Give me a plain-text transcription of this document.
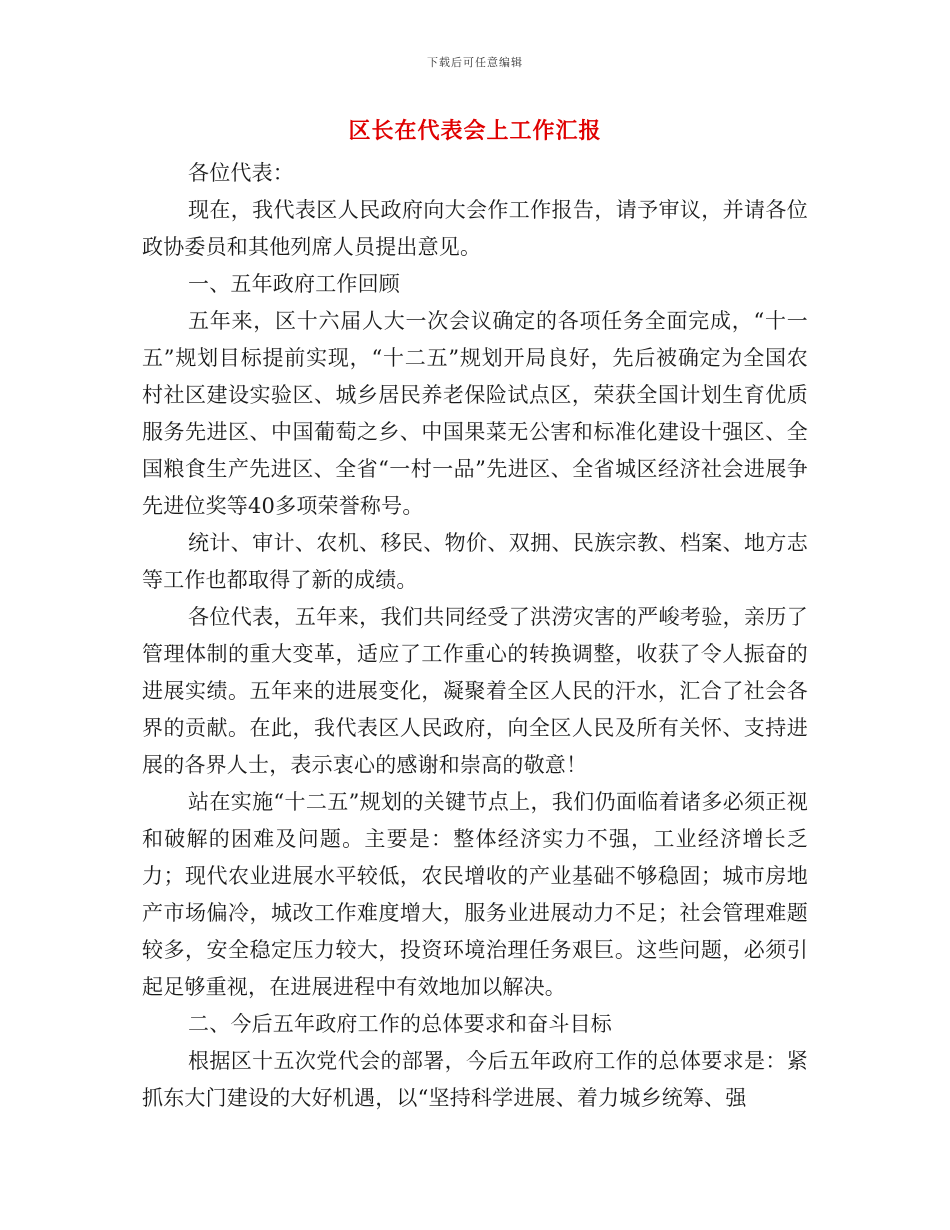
下载后可任意编辑
区长在代表会上工作汇报

各位代表：

现在，我代表区人民政府向大会作工作报告，请予审议，并请各位政协委员和其他列席人员提出意见。

一、五年政府工作回顾

五年来，区十六届人大一次会议确定的各项任务全面完成，“十一五”规划目标提前实现，“十二五”规划开局良好，先后被确定为全国农村社区建设实验区、城乡居民养老保险试点区，荣获全国计划生育优质服务先进区、中国葡萄之乡、中国果菜无公害和标准化建设十强区、全国粮食生产先进区、全省“一村一品”先进区、全省城区经济社会进展争先进位奖等40多项荣誉称号。

统计、审计、农机、移民、物价、双拥、民族宗教、档案、地方志等工作也都取得了新的成绩。

各位代表，五年来，我们共同经受了洪涝灾害的严峻考验，亲历了管理体制的重大变革，适应了工作重心的转换调整，收获了令人振奋的进展实绩。五年来的进展变化，凝聚着全区人民的汗水，汇合了社会各界的贡献。在此，我代表区人民政府，向全区人民及所有关怀、支持进展的各界人士，表示衷心的感谢和崇高的敬意！

站在实施“十二五”规划的关键节点上，我们仍面临着诸多必须正视和破解的困难及问题。主要是：整体经济实力不强，工业经济增长乏力；现代农业进展水平较低，农民增收的产业基础不够稳固；城市房地产市场偏冷，城改工作难度增大，服务业进展动力不足；社会管理难题较多，安全稳定压力较大，投资环境治理任务艰巨。这些问题，必须引起足够重视，在进展进程中有效地加以解决。

二、今后五年政府工作的总体要求和奋斗目标

根据区十五次党代会的部署，今后五年政府工作的总体要求是：紧抓东大门建设的大好机遇，以“坚持科学进展、着力城乡统筹、强
